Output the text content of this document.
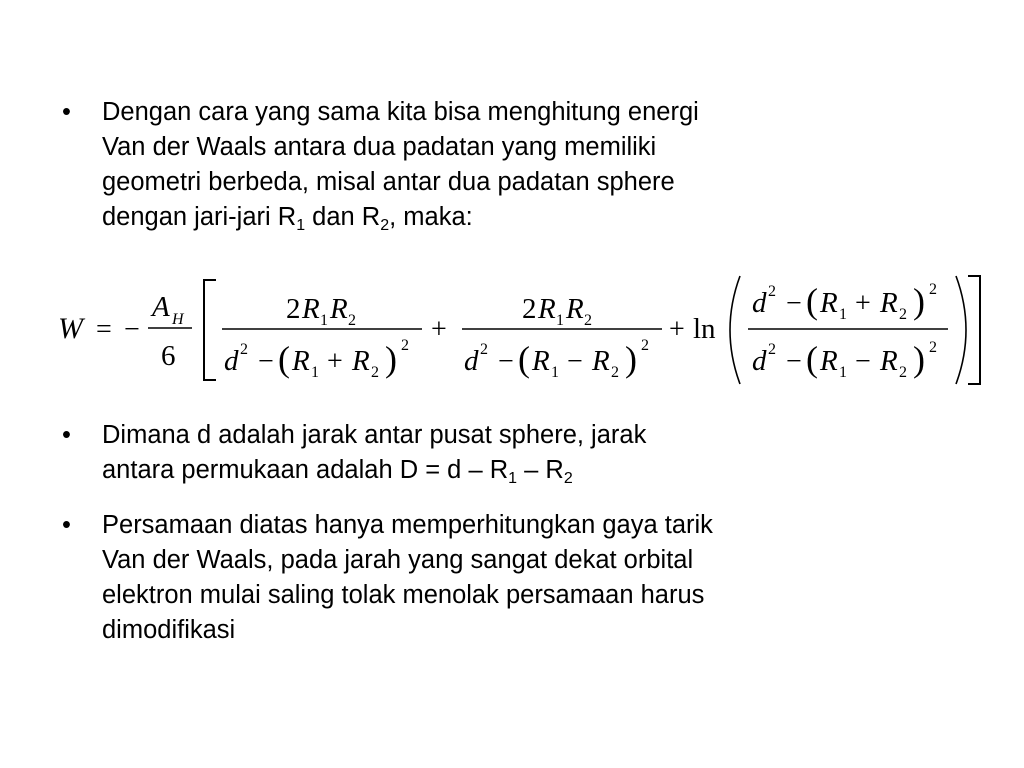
• Dengan cara yang sama kita bisa menghitung energi
Van der Waals antara dua padatan yang memiliki
geometri berbeda, misal antar dua padatan sphere
dengan jari-jari $R_1$ dan $R_2$, maka:
W = −
A H
6
2 R 1 R 2
d 2 − ( R 1 + R 2 ) 2
+
2 R 1 R 2
d 2 − ( R 1 − R 2 ) 2
+ ln
d 2 − ( R 1 + R 2 ) 2
d 2 − ( R 1 − R 2 ) 2
• Dimana d adalah jarak antar pusat sphere, jarak
antara permukaan adalah $D = d - R_1 - R_2$
• Persamaan diatas hanya memperhitungkan gaya tarik
Van der Waals, pada jarah yang sangat dekat orbital
elektron mulai saling tolak menolak persamaan harus
dimodifikasi
